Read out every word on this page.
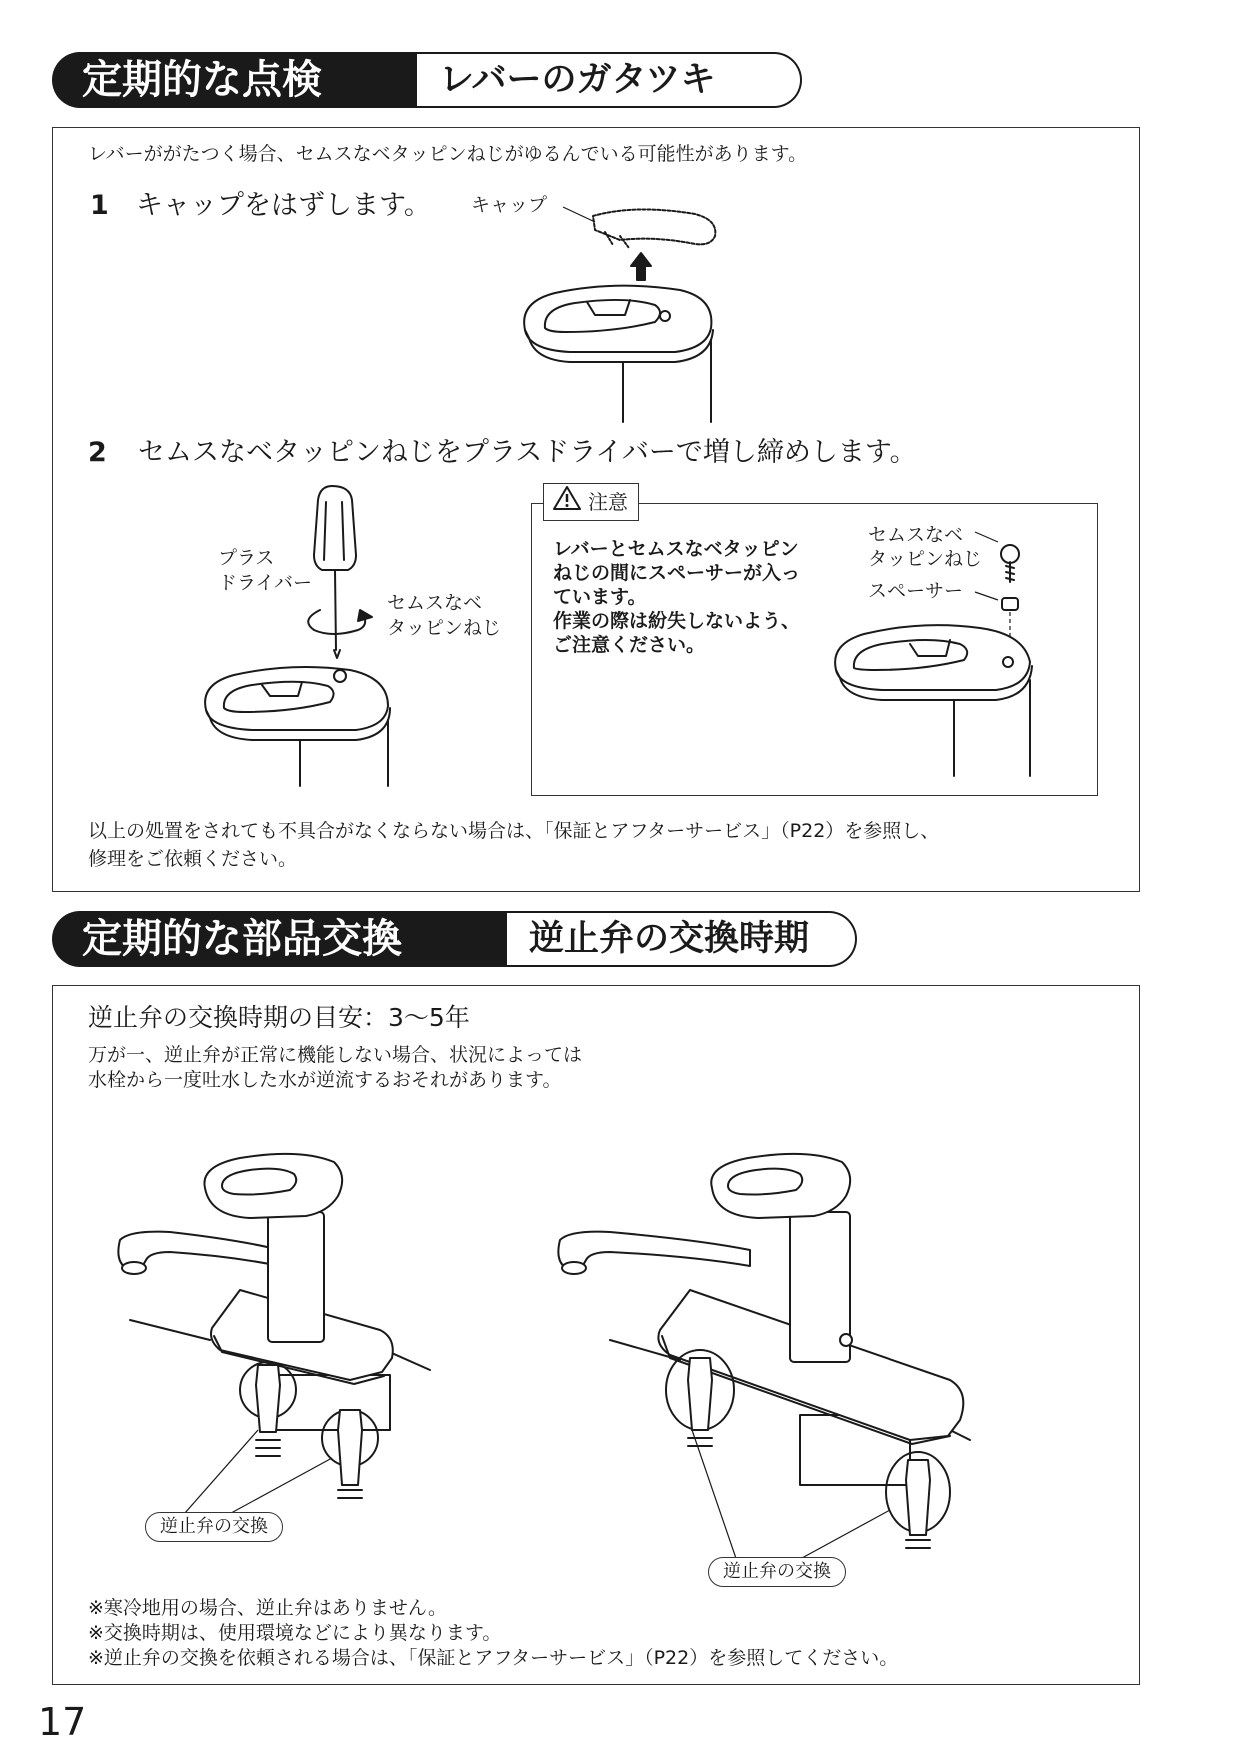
定期的な点検	レバーのガタツキ
レバーががたつく場合、セムスなベタッピンねじがゆるんでいる可能性があります。
1 キャップをはずします。 キャップ
2 セムスなベタッピンねじをプラスドライバーで増し締めします。
プラス
ドライバー
セムスなベ
タッピンねじ
注意
レバーとセムスなベタッピン
ねじの間にスペーサーが入っ
ています。
作業の際は紛失しないよう、
ご注意ください。
セムスなベ
タッピンねじ
スペーサー
以上の処置をされても不具合がなくならない場合は、「保証とアフターサービス」（P22）を参照し、
修理をご依頼ください。
定期的な部品交換	逆止弁の交換時期
逆止弁の交換時期の目安：3～5年
万が一、逆止弁が正常に機能しない場合、状況によっては
水栓から一度吐水した水が逆流するおそれがあります。
逆止弁の交換
逆止弁の交換
※寒冷地用の場合、逆止弁はありません。
※交換時期は、使用環境などにより異なります。
※逆止弁の交換を依頼される場合は、「保証とアフターサービス」（P22）を参照してください。
17
